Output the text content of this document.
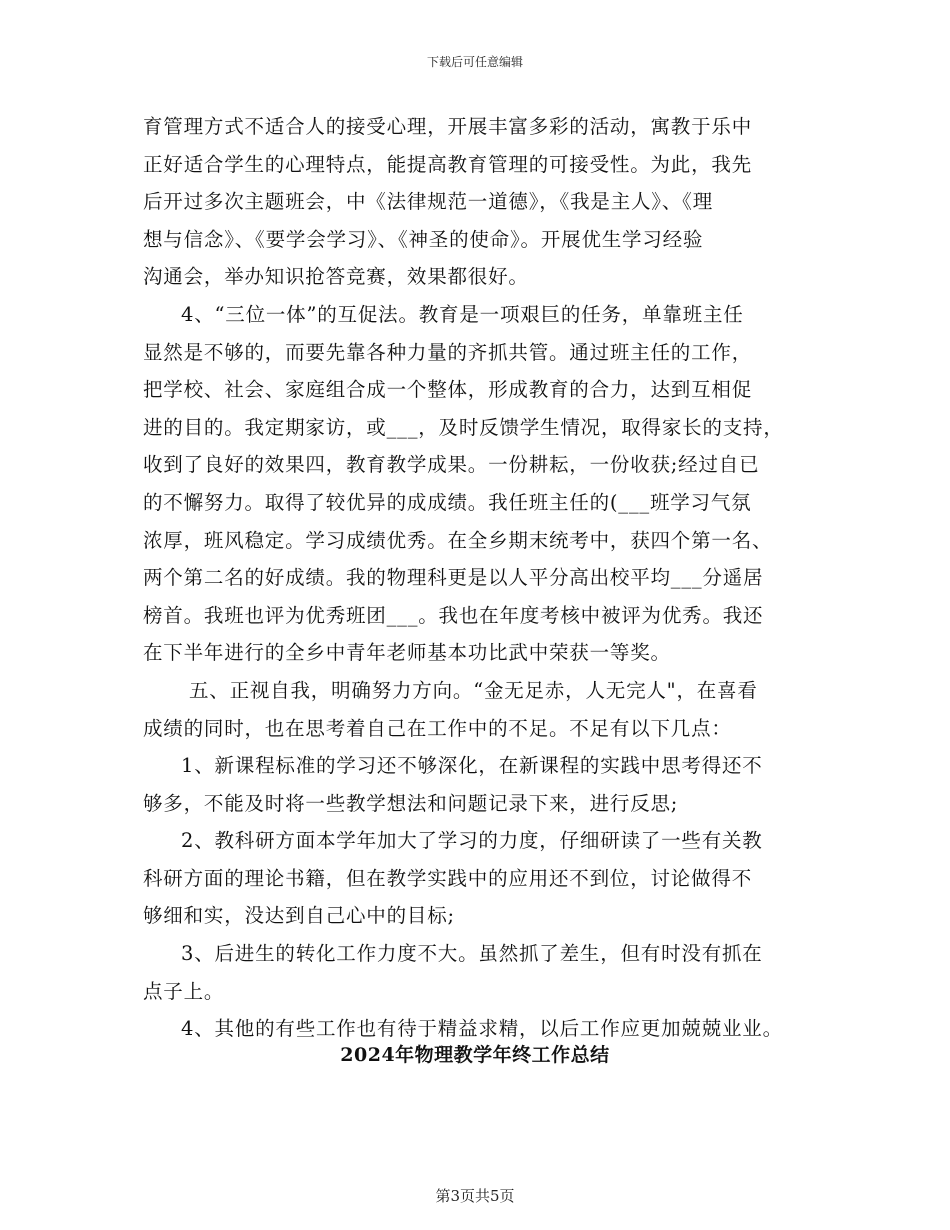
下载后可任意编辑
育管理方式不适合人的接受心理，开展丰富多彩的活动，寓教于乐中
正好适合学生的心理特点，能提高教育管理的可接受性。为此，我先
后开过多次主题班会，中《法律规范一道德》，《我是主人》、《理
想与信念》、《要学会学习》、《神圣的使命》。开展优生学习经验
沟通会，举办知识抢答竞赛，效果都很好。
4、“三位一体”的互促法。教育是一项艰巨的任务，单靠班主任
显然是不够的，而要先靠各种力量的齐抓共管。通过班主任的工作，
把学校、社会、家庭组合成一个整体，形成教育的合力，达到互相促
进的目的。我定期家访，或___，及时反馈学生情况，取得家长的支持，
收到了良好的效果四，教育教学成果。一份耕耘，一份收获;经过自已
的不懈努力。取得了较优异的成成绩。我任班主任的(___班学习气氛
浓厚，班风稳定。学习成绩优秀。在全乡期末统考中，获四个第一名、
两个第二名的好成绩。我的物理科更是以人平分高出校平均___分遥居
榜首。我班也评为优秀班团___。我也在年度考核中被评为优秀。我还
在下半年进行的全乡中青年老师基本功比武中荣获一等奖。
五、正视自我，明确努力方向。“金无足赤，人无完人"，在喜看
成绩的同时，也在思考着自己在工作中的不足。不足有以下几点：
1、新课程标准的学习还不够深化，在新课程的实践中思考得还不
够多，不能及时将一些教学想法和问题记录下来，进行反思;
2、教科研方面本学年加大了学习的力度，仔细研读了一些有关教
科研方面的理论书籍，但在教学实践中的应用还不到位，讨论做得不
够细和实，没达到自己心中的目标;
3、后进生的转化工作力度不大。虽然抓了差生，但有时没有抓在
点子上。
4、其他的有些工作也有待于精益求精，以后工作应更加兢兢业业。
2024年物理教学年终工作总结
第3页共5页
